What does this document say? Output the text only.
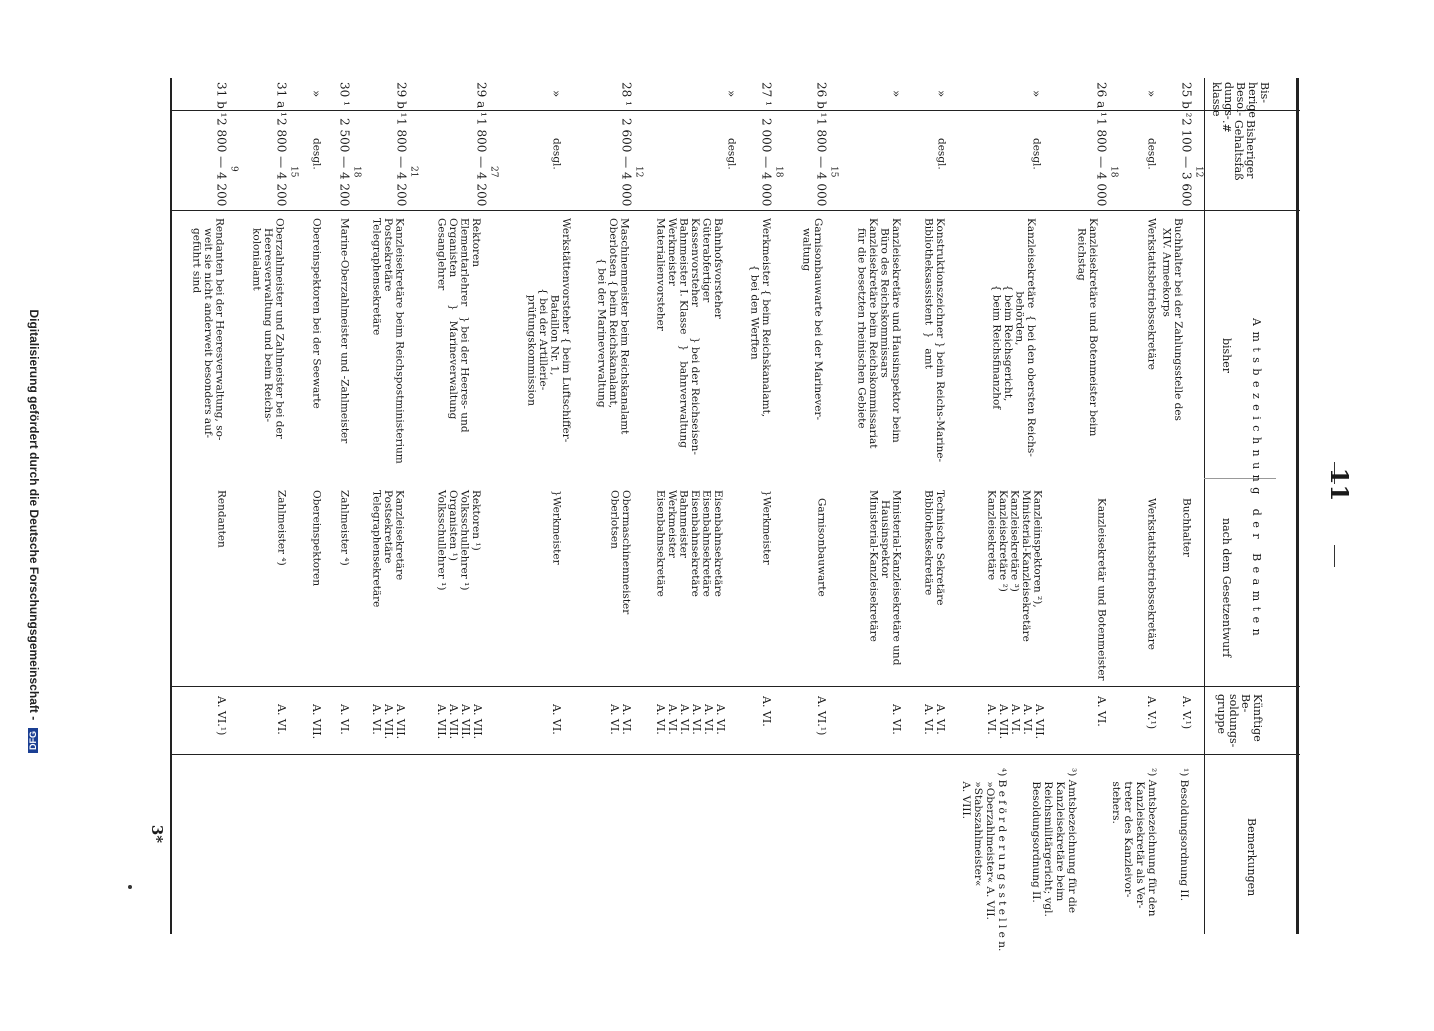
Digitalisierung gefördert durch die Deutsche Forschungsgemeinschaft - DFG
11
3*
Bis-
herige
Besol-
dungs-
klasse
Bisheriger
Gehaltsfaß
.#
A m t s b e z e i c h n u n g   d e r   B e a m t e n
bisher
nach dem Gesetzentwurf
Künftige
Be-
soldungs-
gruppe
Bemerkungen
25 b ²
2 100 — 3 600 12
Buchhalter bei der Zahlungsstelle des
XIV. Armeekorps
Buchhalter
A. V.¹)
»
desgl.
Werkstattsbetriebssekretäre
Werkstattsbetriebssekretäre
A. V.¹)
26 a ¹
1 800 — 4 000 18
Kanzleisekretäre und Botenmeister beim
Reichstag
Kanzleisekretär und Botenmeister
A. VI.
»
desgl.
Kanzleisekretäre  { bei den obersten Reichs-
behörden,
{ beim Reichsgericht,
{ beim Reichsfinanzhof
Kanzleiinspektoren ²),
Ministerial-Kanzleisekretäre
Kanzleisekretäre ³)
Kanzleisekretäre ²)
Kanzleisekretäre
A. VII.
A. VI.
A. VI.
A. VII.
A. VI.
»
desgl.
Konstruktionszeichner } beim Reichs-Marine-
Bibliotheksassistent  }   amt
Technische Sekretäre
Bibliotheksekretäre
A. VI.
A. VI.
»
Kanzleisekretäre und Hausinspektor beim
Büro des Reichskommissars
Kanzleisekretäre beim Reichskommissariat
für die besetzten rheinischen Gebiete
Ministerial-Kanzleisekretäre und
Hausinspektor
Ministerial-Kanzleisekretäre
A. VI.
26 b ¹
1 800 — 4 000 15
Garnisonbauwarte bei der Marinever-
waltung
Garnisonbauwarte
A. VI.¹)
27 ¹
2 000 — 4 000 18
Werkmeister { beim Reichskanalamt,
{ bei den Werften
}Werkmeister
A. VI.
»
desgl.
Bahnhofsvorsteher
Güterabfertiger
Kassenvorsteher         } bei der Reichseisen-
Bahnmeister I. Klasse   }   bahnverwaltung
Werkmeister
Materialienvorsteher
Eisenbahnsekretäre
Eisenbahnsekretäre
Eisenbahnsekretäre
Bahnmeister
Werkmeister
Eisenbahnsekretäre
A. VI.
A. VI.
A. VI.
A. VI.
A. VI.
A. VI.
28 ¹
2 600 — 4 000 12
Maschinenmeister beim Reichskanalamt
Oberlotsen { beim Reichskanalamt,
{ bei der Marineverwaltung
Obermaschinenmeister
Oberlotsen
A. VI.
A. VI.
»
desgl.
Werkstättenvorsteher { beim Luftschiffer-
Bataillon Nr. 1,
{ bei der Artillerie-
prüfungskommission
}Werkmeister
A. VI.
29 a ¹
1 800 — 4 200 27
Rektoren
Elementarlehrer   } bei der Heeres- und
Organisten        }   Marineverwaltung
Gesanglehrer
Rektoren ¹)
Volksschullehrer ¹)
Organisten ¹)
Volksschullehrer ¹)
A. VII.
A. VII.
A. VII.
A. VII.
29 b ¹
1 800 — 4 200 21
Kanzleisekretäre beim Reichspostministerium
Postsekretäre
Telegraphensekretäre
Kanzleisekretäre
Postsekretäre
Telegraphensekretäre
A. VII.
A. VII.
A. VI.
30 ¹
2 500 — 4 200 18
Marine-Oberzahlmeister und -Zahlmeister
Zahlmeister ⁴)
A. VI.
»
desgl.
Obereinspektoren bei der Seewarte
Obereinspektoren
A. VII.
31 a ¹
2 800 — 4 200 15
Oberzahlmeister und Zahlmeister bei der
Heeresverwaltung und beim Reichs-
kolonialamt
Zahlmeister ⁴)
A. VI.
31 b ¹
2 800 — 4 200 9
Rendanten bei der Heeresverwaltung, so-
weit sie nicht anderweit besonders auf-
geführt sind
Rendanten
A. VI.¹)
¹) Besoldungsordnung II.
²) Amtsbezeichnung für den
Kanzleisekretär als Ver-
treter des Kanzleivor-
stehers.
³) Amtsbezeichnung für die
Kanzleisekretäre beim
Reichsmilitärgericht; vgl.
Besoldungsordnung II.
⁴) B e f ö r d e r u n g s s t e l l e n.
»Oberzahlmeister« A. VII.
»Stabszahlmeister«
A. VIII.
